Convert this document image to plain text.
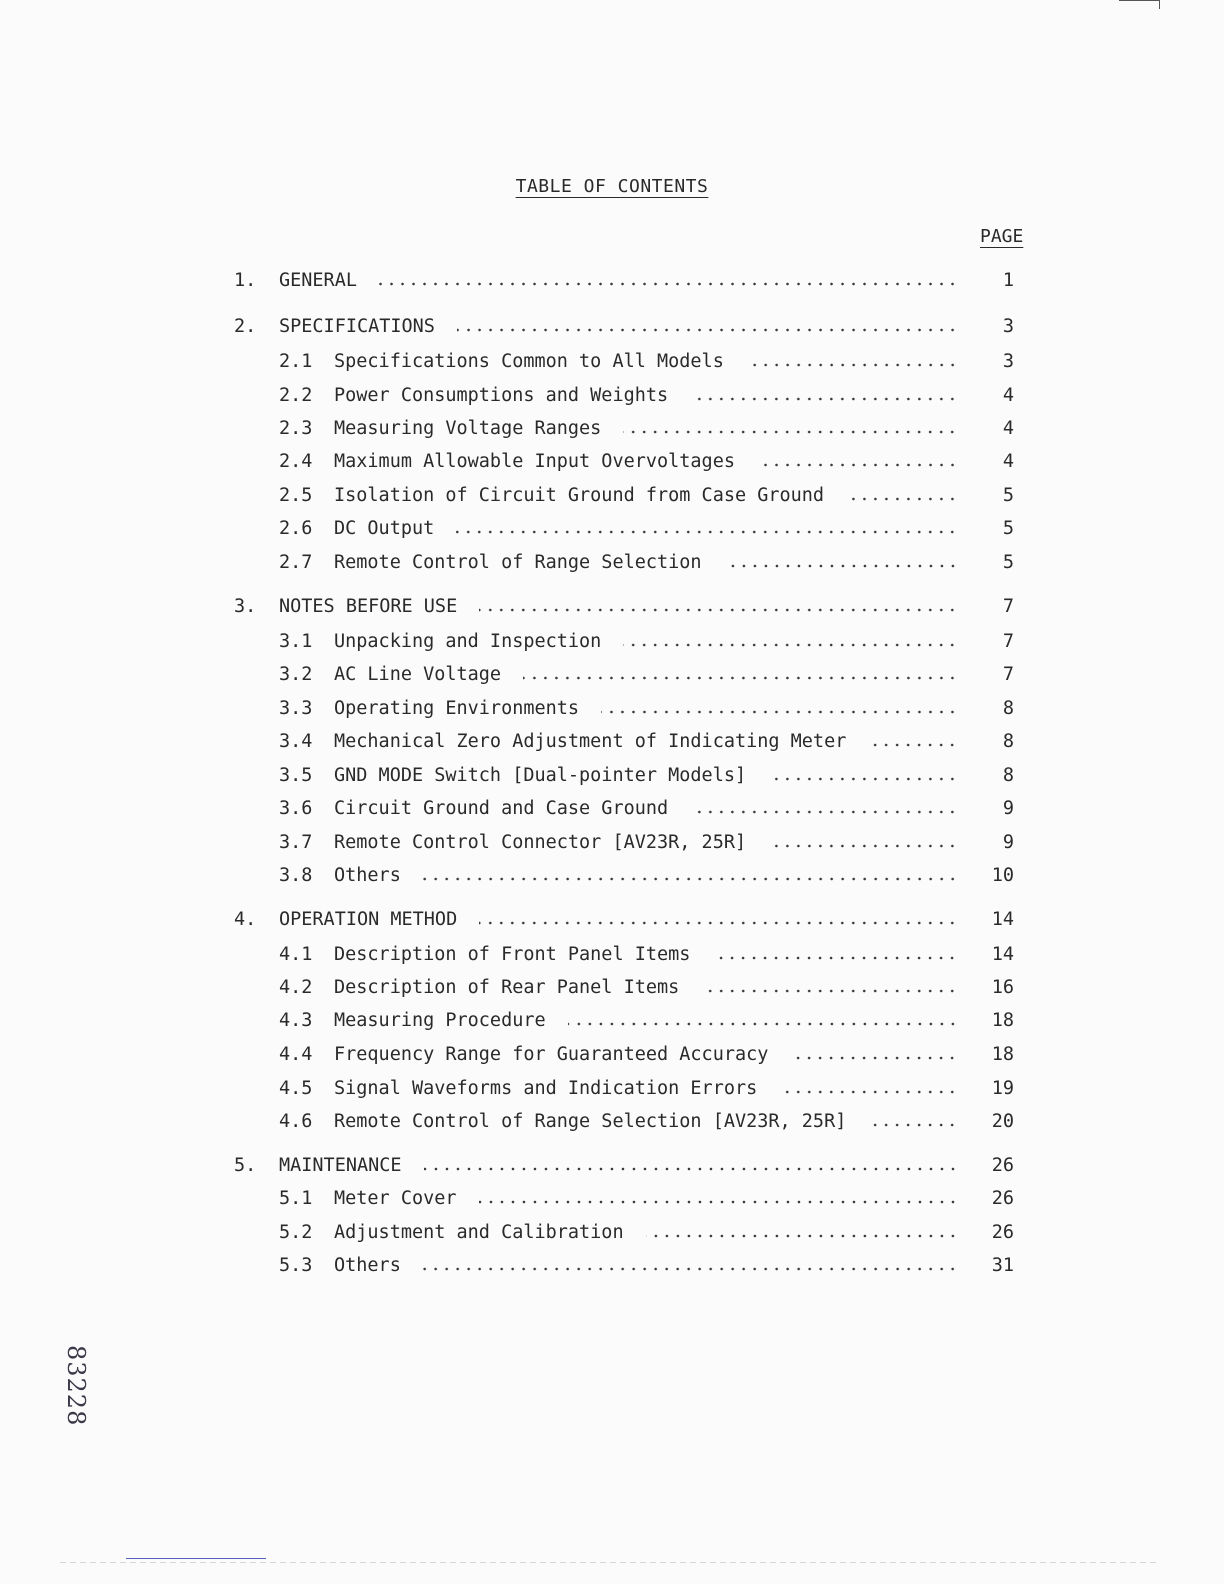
TABLE OF CONTENTS
PAGE
1. GENERAL	1
2. SPECIFICATIONS	3
2.1 Specifications Common to All Models	3
2.2 Power Consumptions and Weights	4
2.3 Measuring Voltage Ranges	4
2.4 Maximum Allowable Input Overvoltages	4
2.5 Isolation of Circuit Ground from Case Ground	5
2.6 DC Output	5
2.7 Remote Control of Range Selection	5
3. NOTES BEFORE USE	7
3.1 Unpacking and Inspection	7
3.2 AC Line Voltage	7
3.3 Operating Environments	8
3.4 Mechanical Zero Adjustment of Indicating Meter	8
3.5 GND MODE Switch [Dual-pointer Models]	8
3.6 Circuit Ground and Case Ground	9
3.7 Remote Control Connector [AV23R, 25R]	9
3.8 Others	10
4. OPERATION METHOD	14
4.1 Description of Front Panel Items	14
4.2 Description of Rear Panel Items	16
4.3 Measuring Procedure	18
4.4 Frequency Range for Guaranteed Accuracy	18
4.5 Signal Waveforms and Indication Errors	19
4.6 Remote Control of Range Selection [AV23R, 25R]	20
5. MAINTENANCE	26
5.1 Meter Cover	26
5.2 Adjustment and Calibration	26
5.3 Others	31
83228
